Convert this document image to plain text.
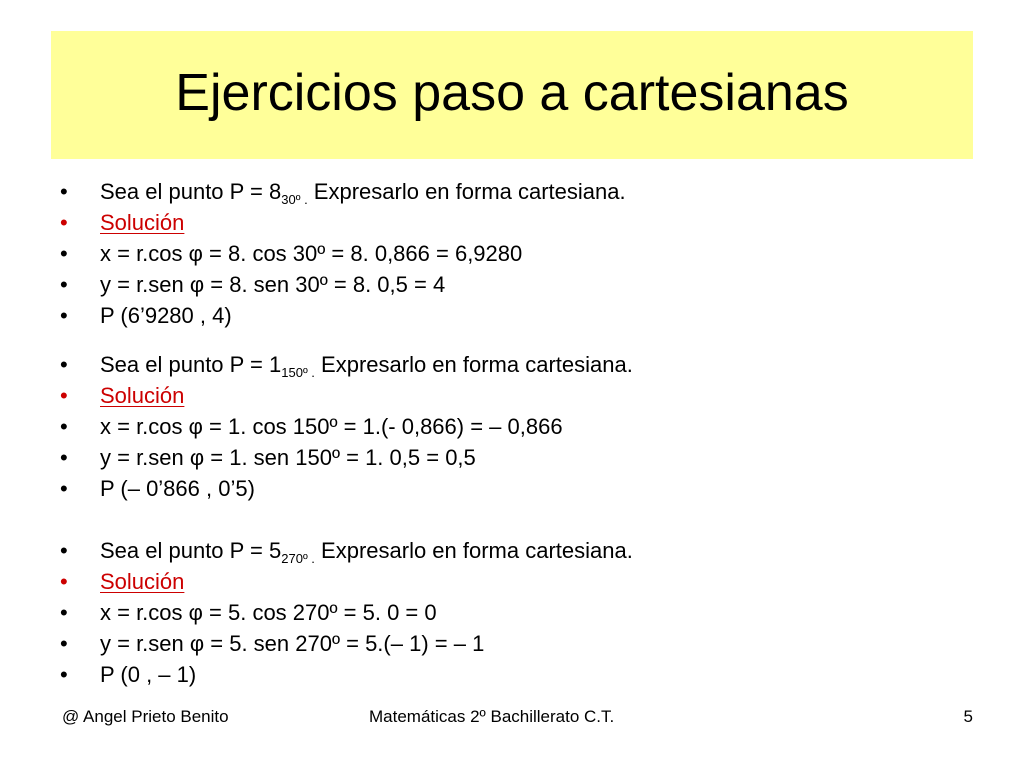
Ejercicios paso a cartesianas
• Sea el punto $P = 8_{30º .}$ Expresarlo en forma cartesiana.
• Solución
• x = r.cos φ = 8. cos 30º = 8. 0,866 = 6,9280
• y = r.sen φ = 8. sen 30º = 8. 0,5 = 4
• P (6’9280 , 4)
• Sea el punto $P = 1_{150º .}$ Expresarlo en forma cartesiana.
• Solución
• x = r.cos φ = 1. cos 150º = 1.(- 0,866) = – 0,866
• y = r.sen φ = 1. sen 150º = 1. 0,5 = 0,5
• P (– 0’866 , 0’5)
• Sea el punto $P = 5_{270º .}$ Expresarlo en forma cartesiana.
• Solución
• x = r.cos φ = 5. cos 270º = 5. 0 = 0
• y = r.sen φ = 5. sen 270º = 5.(– 1) = – 1
• P (0 , – 1)
@ Angel Prieto Benito	Matemáticas 2º Bachillerato C.T.	5
